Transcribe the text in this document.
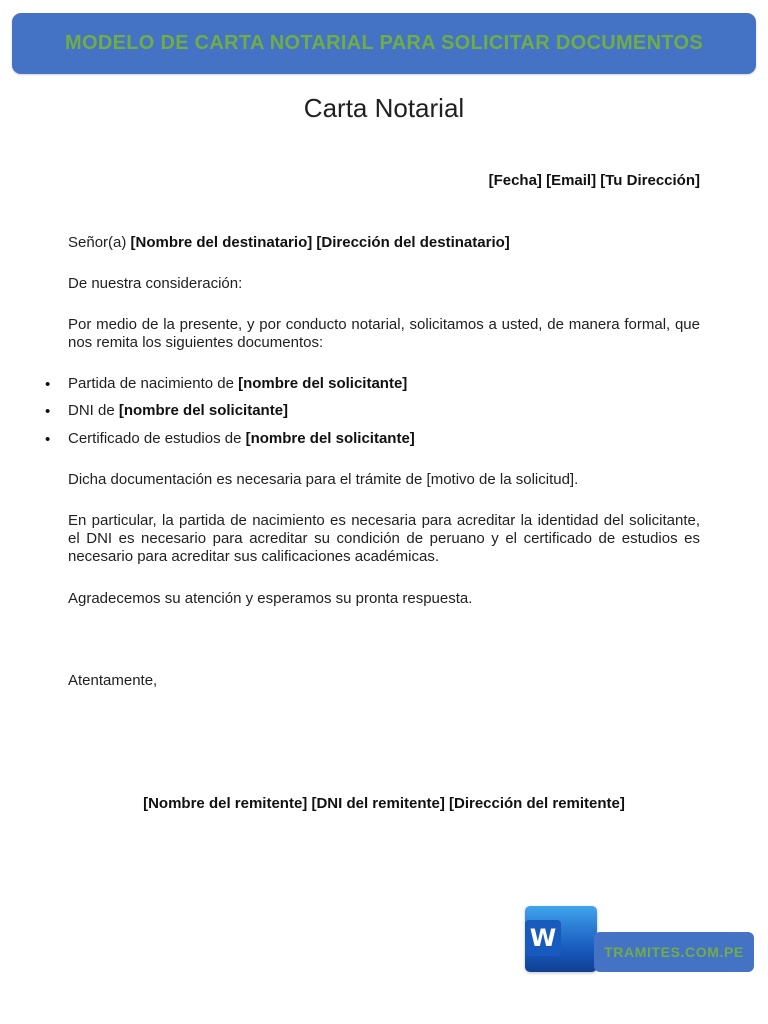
MODELO DE CARTA NOTARIAL PARA SOLICITAR DOCUMENTOS
Carta Notarial
[Fecha] [Email] [Tu Dirección]
Señor(a) [Nombre del destinatario] [Dirección del destinatario]
De nuestra consideración:
Por medio de la presente, y por conducto notarial, solicitamos a usted, de manera formal, que nos remita los siguientes documentos:
• Partida de nacimiento de [nombre del solicitante]
• DNI de [nombre del solicitante]
• Certificado de estudios de [nombre del solicitante]
Dicha documentación es necesaria para el trámite de [motivo de la solicitud].
En particular, la partida de nacimiento es necesaria para acreditar la identidad del solicitante, el DNI es necesario para acreditar su condición de peruano y el certificado de estudios es necesario para acreditar sus calificaciones académicas.
Agradecemos su atención y esperamos su pronta respuesta.
Atentamente,
[Nombre del remitente] [DNI del remitente] [Dirección del remitente]
W	TRAMITES.COM.PE
